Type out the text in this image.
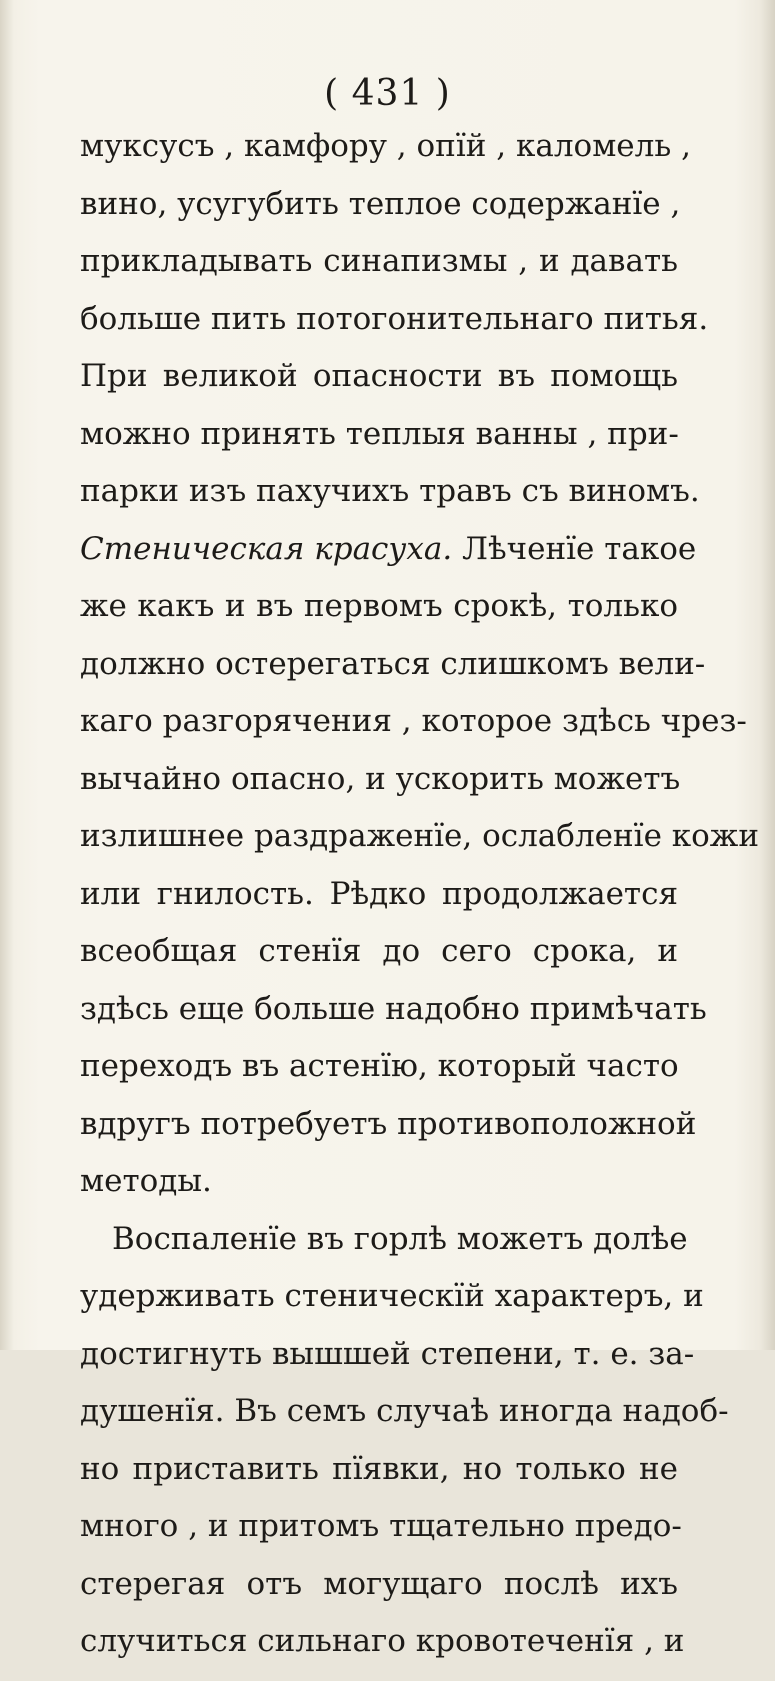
( 431 )
муксусъ , камфору , опїй , каломель ,
вино, усугубить теплое содержанїе ,
прикладывать синапизмы , и давать
больше пить потогонительнаго питья.
При великой опасности въ помощь
можно принять теплыя ванны , при-
парки изъ пахучихъ травъ съ виномъ.
Стеническая красуха. Лѣченїе такое
же какъ и въ первомъ срокѣ, только
должно остерегаться слишкомъ вели-
каго разгорячения , которое здѣсь чрез-
вычайно опасно, и ускорить можетъ
излишнее раздраженїе, ослабленїе кожи
или гнилость. Рѣдко продолжается
всеобщая стенїя до сего срока, и
здѣсь еще больше надобно примѣчать
переходъ въ астенїю, который часто
вдругъ потребуетъ противоположной
методы.
Воспаленїе въ горлѣ можетъ долѣе
удерживать стеническїй характеръ, и
достигнуть вышшей степени, т. е. за-
душенїя. Въ семъ случаѣ иногда надоб-
но приставить пїявки, но только не
много , и притомъ тщательно предо-
стерегая отъ могущаго послѣ ихъ
случиться сильнаго кровотеченїя , и
